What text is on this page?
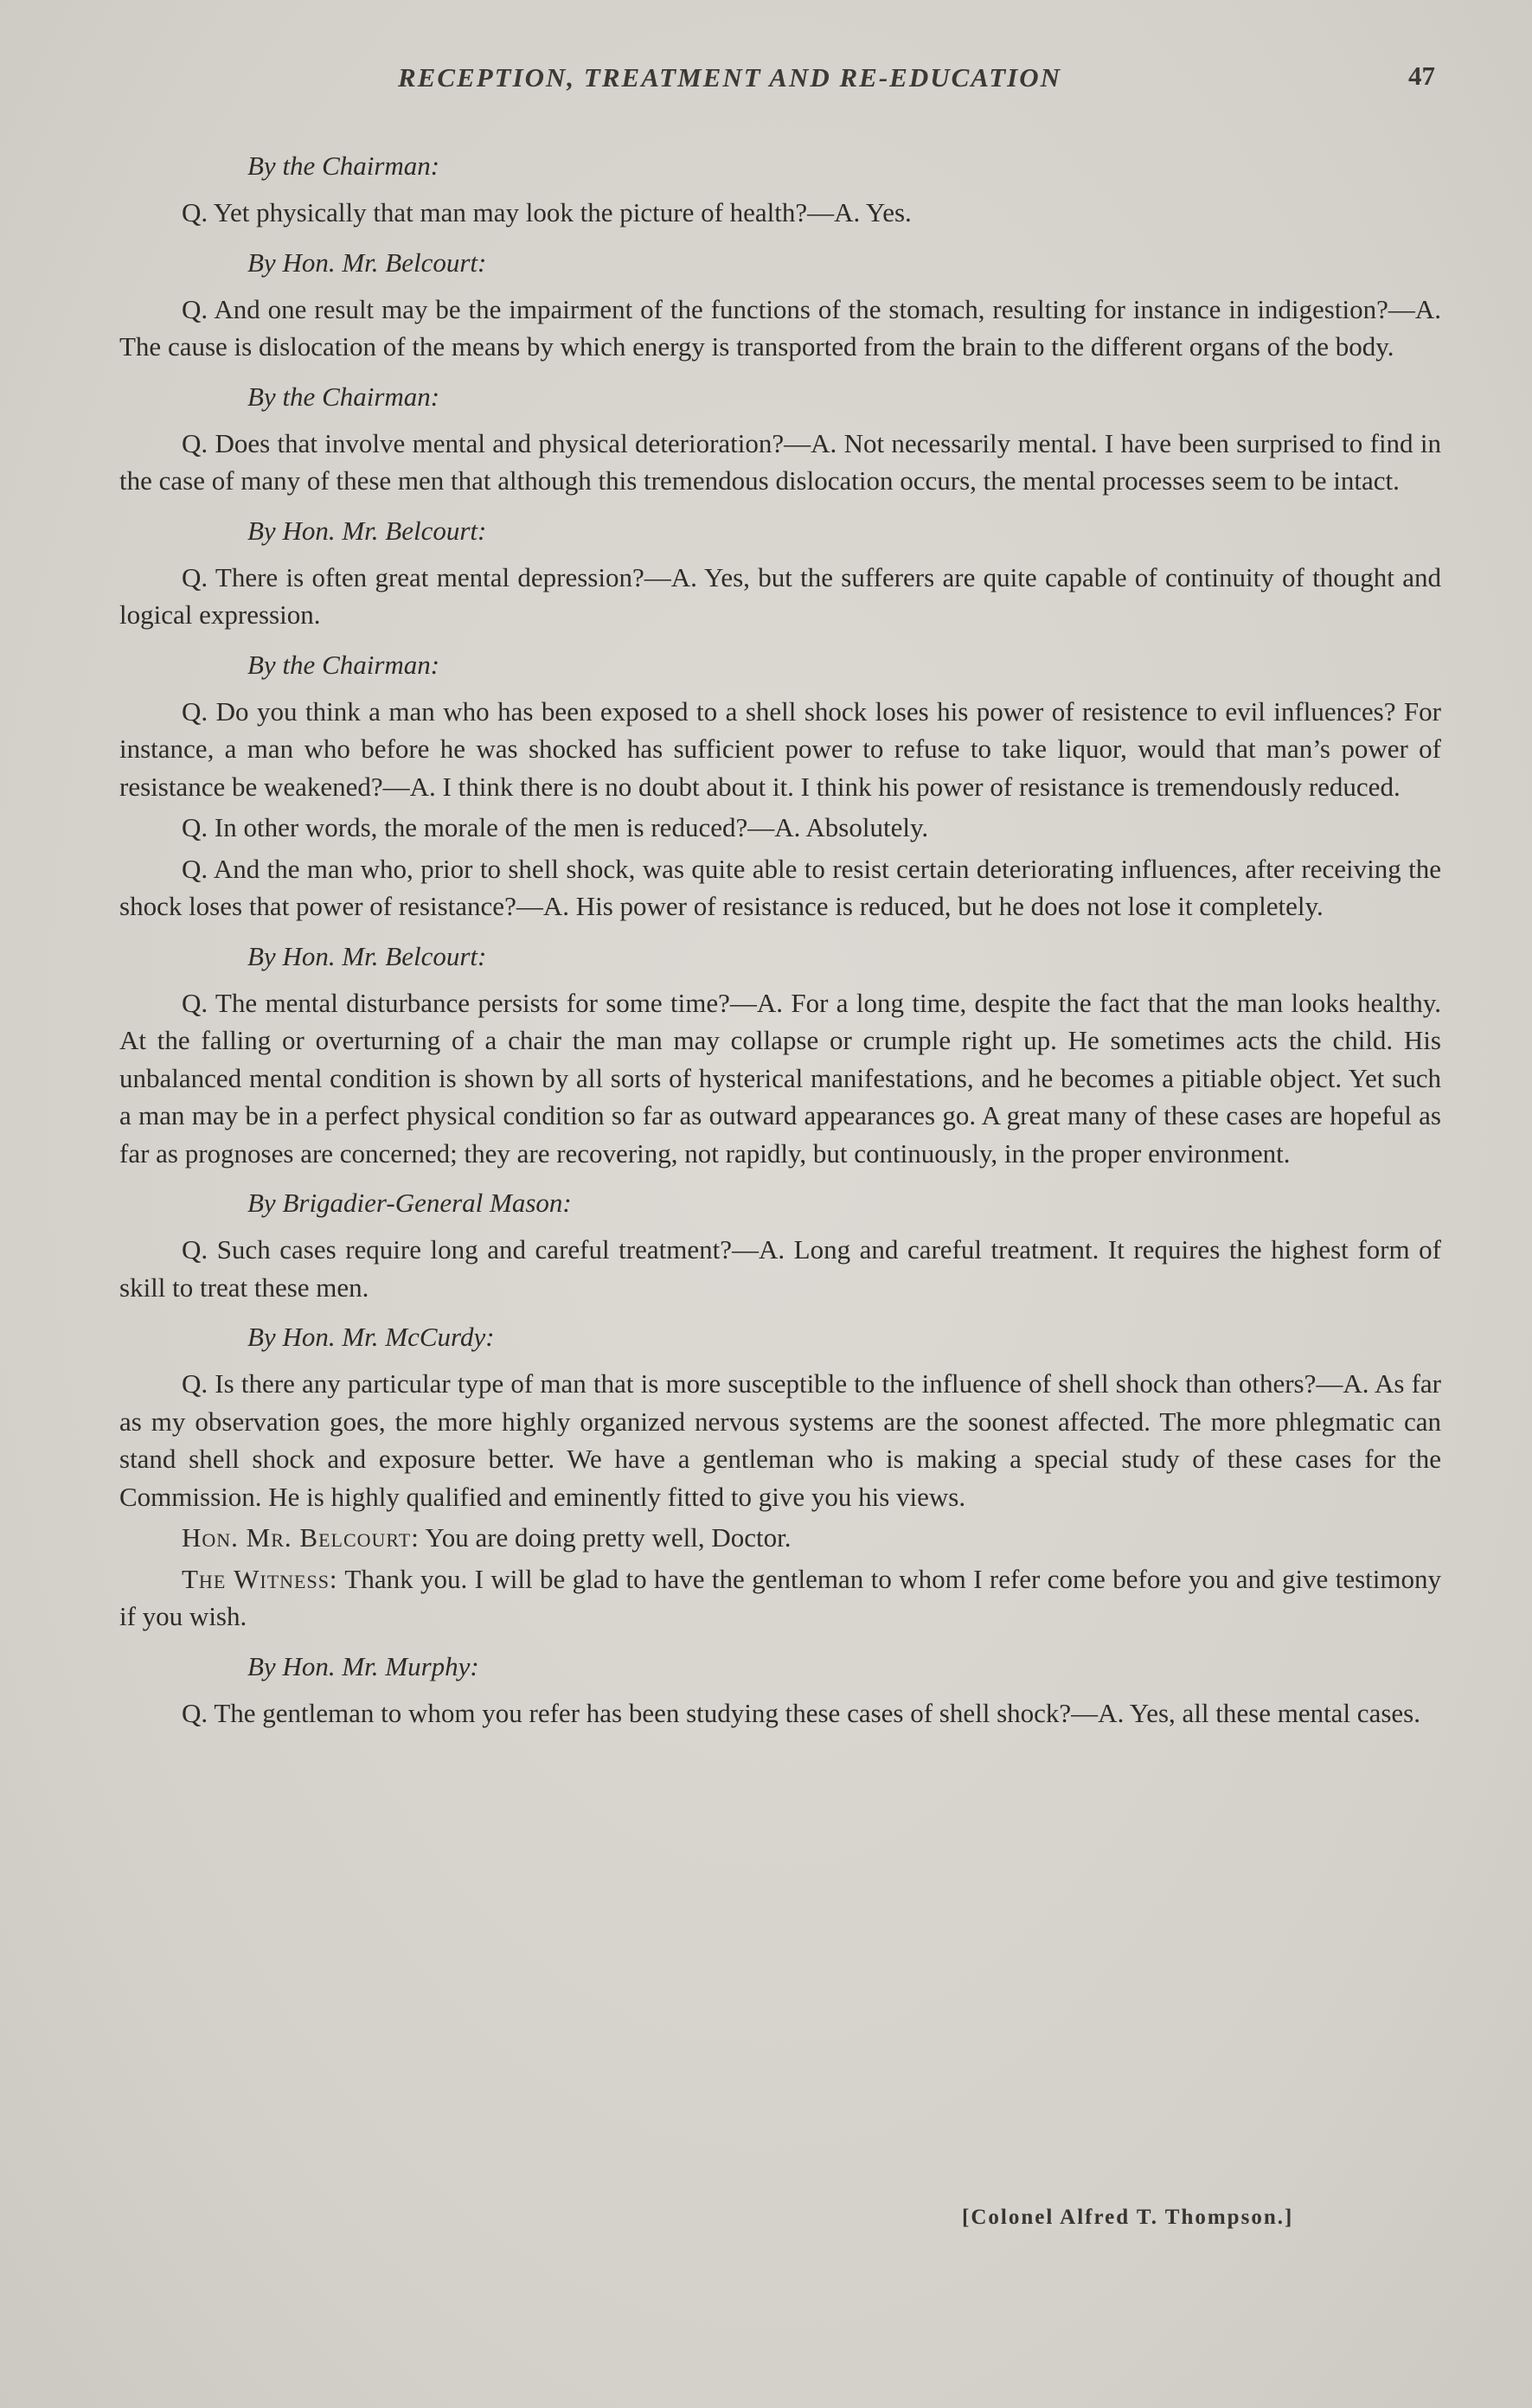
RECEPTION, TREATMENT AND RE-EDUCATION	47
By the Chairman:

Q. Yet physically that man may look the picture of health?—A. Yes.

By Hon. Mr. Belcourt:

Q. And one result may be the impairment of the functions of the stomach, resulting for instance in indigestion?—A. The cause is dislocation of the means by which energy is transported from the brain to the different organs of the body.

By the Chairman:

Q. Does that involve mental and physical deterioration?—A. Not necessarily mental. I have been surprised to find in the case of many of these men that although this tremendous dislocation occurs, the mental processes seem to be intact.

By Hon. Mr. Belcourt:

Q. There is often great mental depression?—A. Yes, but the sufferers are quite capable of continuity of thought and logical expression.

By the Chairman:

Q. Do you think a man who has been exposed to a shell shock loses his power of resistence to evil influences? For instance, a man who before he was shocked has sufficient power to refuse to take liquor, would that man’s power of resistance be weakened?—A. I think there is no doubt about it. I think his power of resistance is tremendously reduced.

Q. In other words, the morale of the men is reduced?—A. Absolutely.

Q. And the man who, prior to shell shock, was quite able to resist certain deteriorating influences, after receiving the shock loses that power of resistance?—A. His power of resistance is reduced, but he does not lose it completely.

By Hon. Mr. Belcourt:

Q. The mental disturbance persists for some time?—A. For a long time, despite the fact that the man looks healthy. At the falling or overturning of a chair the man may collapse or crumple right up. He sometimes acts the child. His unbalanced mental condition is shown by all sorts of hysterical manifestations, and he becomes a pitiable object. Yet such a man may be in a perfect physical condition so far as outward appearances go. A great many of these cases are hopeful as far as prognoses are concerned; they are recovering, not rapidly, but continuously, in the proper environment.

By Brigadier-General Mason:

Q. Such cases require long and careful treatment?—A. Long and careful treatment. It requires the highest form of skill to treat these men.

By Hon. Mr. McCurdy:

Q. Is there any particular type of man that is more susceptible to the influence of shell shock than others?—A. As far as my observation goes, the more highly organized nervous systems are the soonest affected. The more phlegmatic can stand shell shock and exposure better. We have a gentleman who is making a special study of these cases for the Commission. He is highly qualified and eminently fitted to give you his views.

Hon. Mr. Belcourt: You are doing pretty well, Doctor.

The Witness: Thank you. I will be glad to have the gentleman to whom I refer come before you and give testimony if you wish.

By Hon. Mr. Murphy:

Q. The gentleman to whom you refer has been studying these cases of shell shock?—A. Yes, all these mental cases.

[Colonel Alfred T. Thompson.]
